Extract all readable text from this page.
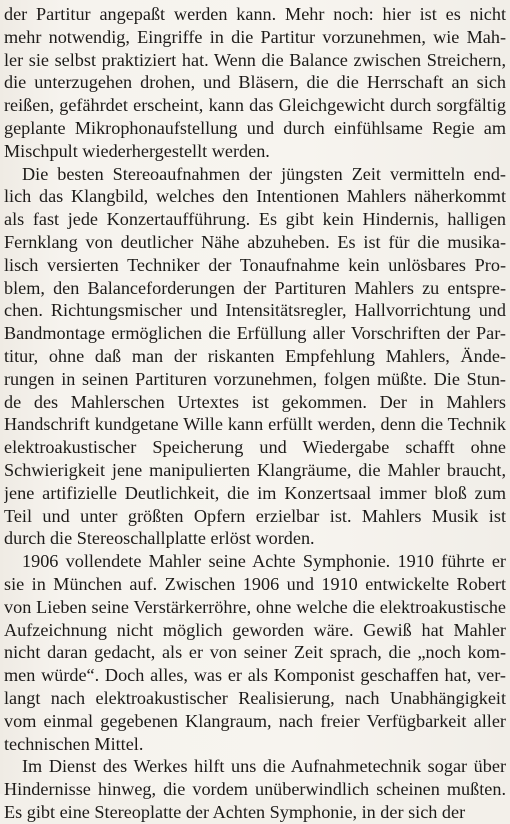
der Partitur angepaßt werden kann. Mehr noch: hier ist es nicht
mehr notwendig, Eingriffe in die Partitur vorzunehmen, wie Mah-
ler sie selbst praktiziert hat. Wenn die Balance zwischen Streichern,
die unterzugehen drohen, und Bläsern, die die Herrschaft an sich
reißen, gefährdet erscheint, kann das Gleichgewicht durch sorgfältig
geplante Mikrophonaufstellung und durch einfühlsame Regie am
Mischpult wiederhergestellt werden.
Die besten Stereoaufnahmen der jüngsten Zeit vermitteln end-
lich das Klangbild, welches den Intentionen Mahlers näherkommt
als fast jede Konzertaufführung. Es gibt kein Hindernis, halligen
Fernklang von deutlicher Nähe abzuheben. Es ist für die musika-
lisch versierten Techniker der Tonaufnahme kein unlösbares Pro-
blem, den Balanceforderungen der Partituren Mahlers zu entspre-
chen. Richtungsmischer und Intensitätsregler, Hallvorrichtung und
Bandmontage ermöglichen die Erfüllung aller Vorschriften der Par-
titur, ohne daß man der riskanten Empfehlung Mahlers, Ände-
rungen in seinen Partituren vorzunehmen, folgen müßte. Die Stun-
de des Mahlerschen Urtextes ist gekommen. Der in Mahlers
Handschrift kundgetane Wille kann erfüllt werden, denn die Technik
elektroakustischer Speicherung und Wiedergabe schafft ohne
Schwierigkeit jene manipulierten Klangräume, die Mahler braucht,
jene artifizielle Deutlichkeit, die im Konzertsaal immer bloß zum
Teil und unter größten Opfern erzielbar ist. Mahlers Musik ist
durch die Stereoschallplatte erlöst worden.
1906 vollendete Mahler seine Achte Symphonie. 1910 führte er
sie in München auf. Zwischen 1906 und 1910 entwickelte Robert
von Lieben seine Verstärkerröhre, ohne welche die elektroakustische
Aufzeichnung nicht möglich geworden wäre. Gewiß hat Mahler
nicht daran gedacht, als er von seiner Zeit sprach, die „noch kom-
men würde“. Doch alles, was er als Komponist geschaffen hat, ver-
langt nach elektroakustischer Realisierung, nach Unabhängigkeit
vom einmal gegebenen Klangraum, nach freier Verfügbarkeit aller
technischen Mittel.
Im Dienst des Werkes hilft uns die Aufnahmetechnik sogar über
Hindernisse hinweg, die vordem unüberwindlich scheinen mußten.
Es gibt eine Stereoplatte der Achten Symphonie, in der sich der
